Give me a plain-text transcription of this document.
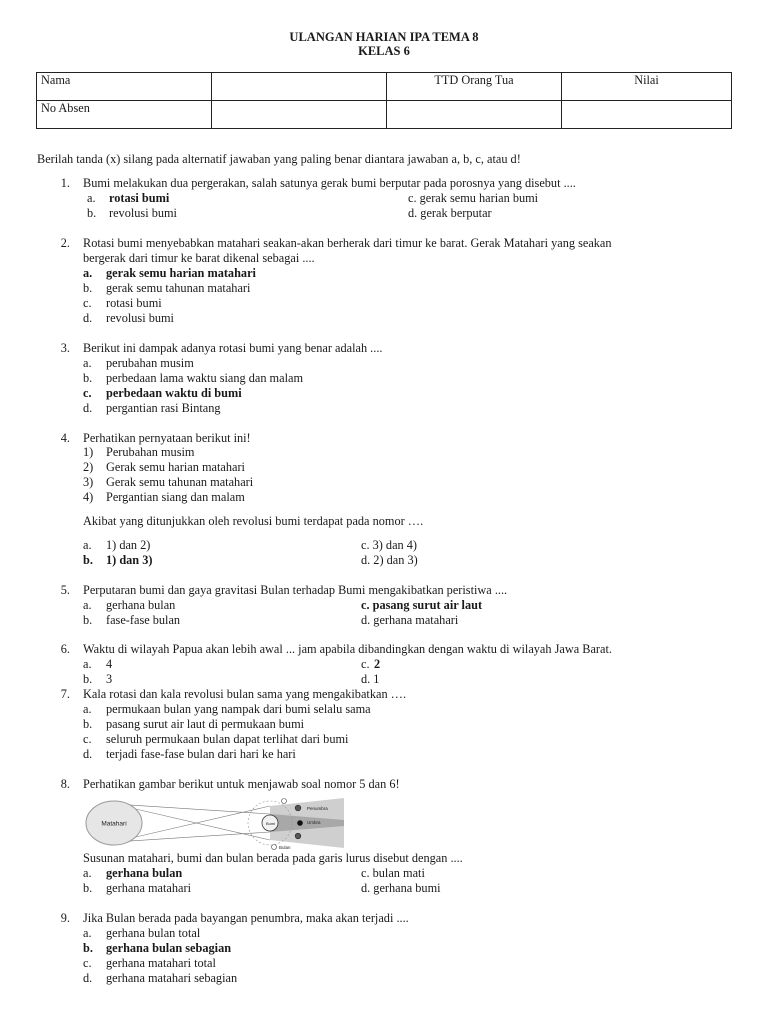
ULANGAN HARIAN IPA TEMA 8
KELAS 6
Nama		TTD Orang Tua	Nilai
No Absen			
Berilah tanda (x) silang pada alternatif jawaban yang paling benar diantara jawaban a, b, c, atau d!
1. Bumi melakukan dua pergerakan, salah satunya gerak bumi berputar pada porosnya yang disebut ....
a. rotasi bumi
b. revolusi bumi
c. gerak semu harian bumi
d. gerak berputar
2. Rotasi bumi menyebabkan matahari seakan-akan berherak dari timur ke barat. Gerak Matahari yang seakan
bergerak dari timur ke barat dikenal sebagai ....
a. gerak semu harian matahari
b. gerak semu tahunan matahari
c. rotasi bumi
d. revolusi bumi
3. Berikut ini dampak adanya rotasi bumi yang benar adalah ....
a. perubahan musim
b. perbedaan lama waktu siang dan malam
c. perbedaan waktu di bumi
d. pergantian rasi Bintang
4. Perhatikan pernyataan berikut ini!
1) Perubahan musim
2) Gerak semu harian matahari
3) Gerak semu tahunan matahari
4) Pergantian siang dan malam
Akibat yang ditunjukkan oleh revolusi bumi terdapat pada nomor ….
a. 1) dan 2)
b. 1) dan 3)
c. 3) dan 4)
d. 2) dan 3)
5. Perputaran bumi dan gaya gravitasi Bulan terhadap Bumi mengakibatkan peristiwa ....
a. gerhana bulan
b. fase-fase bulan
c. pasang surut air laut
d. gerhana matahari
6. Waktu di wilayah Papua akan lebih awal ... jam apabila dibandingkan dengan waktu di wilayah Jawa Barat.
a. 4
b. 3
c. 2
d. 1
7. Kala rotasi dan kala revolusi bulan sama yang mengakibatkan ….
a. permukaan bulan yang nampak dari bumi selalu sama
b. pasang surut air laut di permukaan bumi
c. seluruh permukaan bulan dapat terlihat dari bumi
d. terjadi fase-fase bulan dari hari ke hari
8. Perhatikan gambar berikut untuk menjawab soal nomor 5 dan 6!
Matahari	Bumi
Penumbra
Umbra
Bulan
Susunan matahari, bumi dan bulan berada pada garis lurus disebut dengan ....
a. gerhana bulan
b. gerhana matahari
c. bulan mati
d. gerhana bumi
9. Jika Bulan berada pada bayangan penumbra, maka akan terjadi ....
a. gerhana bulan total
b. gerhana bulan sebagian
c. gerhana matahari total
d. gerhana matahari sebagian
